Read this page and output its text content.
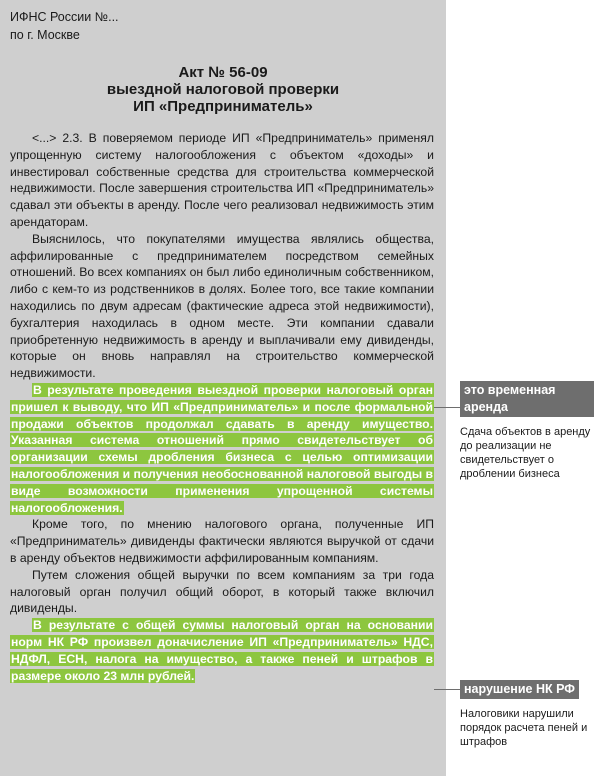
ИФНС России №...
по г. Москве
Акт № 56-09
выездной налоговой проверки
ИП «Предприниматель»

<...> 2.3. В поверяемом периоде ИП «Предприниматель» применял упрощенную систему налогообложения с объектом «доходы» и инвестировал собственные средства для строительства коммерческой недвижимости. После завершения строительства ИП «Предприниматель» сдавал эти объекты в аренду. После чего реализовал недвижимость этим арендаторам.

Выяснилось, что покупателями имущества являлись общества, аффилированные с предпринимателем посредством семейных отношений. Во всех компаниях он был либо единоличным собственником, либо с кем-то из родственников в долях. Более того, все такие компании находились по двум адресам (фактические адреса этой недвижимости), бухгалтерия находилась в одном месте. Эти компании сдавали приобретенную недвижимость в аренду и выплачивали ему дивиденды, которые он вновь направлял на строительство коммерческой недвижимости.

В результате проведения выездной проверки налоговый орган пришел к выводу, что ИП «Предприниматель» и после формальной продажи объектов продолжал сдавать в аренду имущество. Указанная система отношений прямо свидетельствует об организации схемы дробления бизнеса с целью оптимизации налогообложения и получения необоснованной налоговой выгоды в виде возможности применения упрощенной системы налогообложения.

Кроме того, по мнению налогового органа, полученные ИП «Предприниматель» дивиденды фактически являются выручкой от сдачи в аренду объектов недвижимости аффилированным компаниям.

Путем сложения общей выручки по всем компаниям за три года налоговый орган получил общий оборот, в который также включил дивиденды.

В результате с общей суммы налоговый орган на основании норм НК РФ произвел доначисление ИП «Предприниматель» НДС, НДФЛ, ЕСН, налога на имущество, а также пеней и штрафов в размере около 23 млн рублей.

это временная аренда
Сдача объектов в аренду до реализации не свидетельствует о дроблении бизнеса
нарушение НК РФ
Налоговики нарушили порядок расчета пеней и штрафов
